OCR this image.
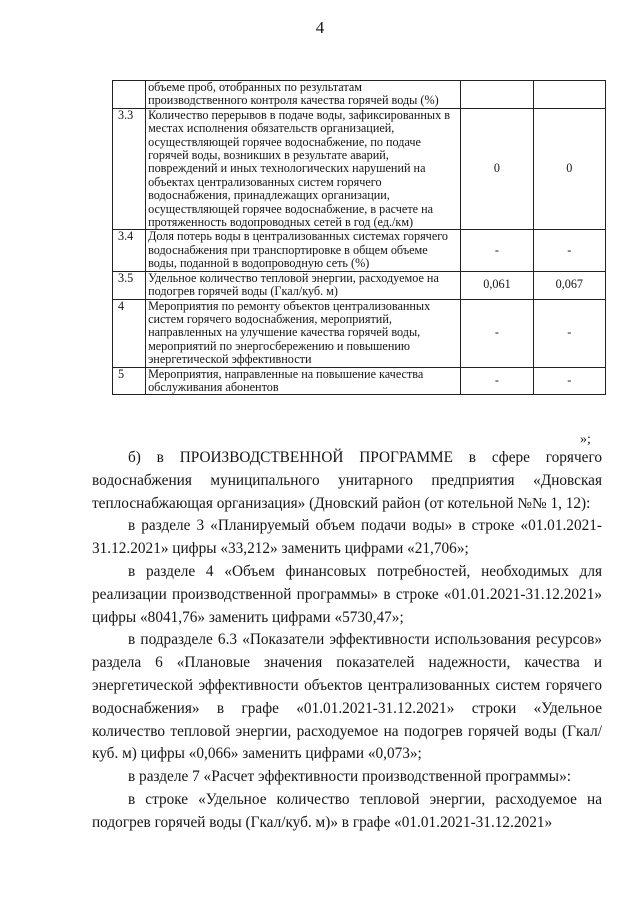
4
	объеме проб, отобранных по результатам производственного контроля качества горячей воды (%)		
3.3	Количество перерывов в подаче воды, зафиксированных в местах исполнения обязательств организацией, осуществляющей горячее водоснабжение, по подаче горячей воды, возникших в результате аварий, повреждений и иных технологических нарушений на объектах централизованных систем горячего водоснабжения, принадлежащих организации, осуществляющей горячее водоснабжение, в расчете на протяженность водопроводных сетей в год (ед./км)	0	0
3.4	Доля потерь воды в централизованных системах горячего водоснабжения при транспортировке в общем объеме воды, поданной в водопроводную сеть (%)	-	-
3.5	Удельное количество тепловой энергии, расходуемое на подогрев горячей воды (Гкал/куб. м)	0,061	0,067
4	Мероприятия по ремонту объектов централизованных систем горячего водоснабжения, мероприятий, направленных на улучшение качества горячей воды, мероприятий по энергосбережению и повышению энергетической эффективности	-	-
5	Мероприятия, направленные на повышение качества обслуживания абонентов	-	-
»;

б) в ПРОИЗВОДСТВЕННОЙ ПРОГРАММЕ в сфере горячего водоснабжения муниципального унитарного предприятия «Дновская теплоснабжающая организация» (Дновский район (от котельной №№ 1, 12):

в разделе 3 «Планируемый объем подачи воды» в строке «01.01.2021-31.12.2021» цифры «33,212» заменить цифрами «21,706»;

в разделе 4 «Объем финансовых потребностей, необходимых для реализации производственной программы» в строке «01.01.2021-31.12.2021» цифры «8041,76» заменить цифрами «5730,47»;

в подразделе 6.3 «Показатели эффективности использования ресурсов» раздела 6 «Плановые значения показателей надежности, качества и энергетической эффективности объектов централизованных систем горячего водоснабжения» в графе «01.01.2021-31.12.2021» строки «Удельное количество тепловой энергии, расходуемое на подогрев горячей воды (Гкал/куб. м) цифры «0,066» заменить цифрами «0,073»;

в разделе 7 «Расчет эффективности производственной программы»:

в строке «Удельное количество тепловой энергии, расходуемое на подогрев горячей воды (Гкал/куб. м)» в графе «01.01.2021-31.12.2021»
